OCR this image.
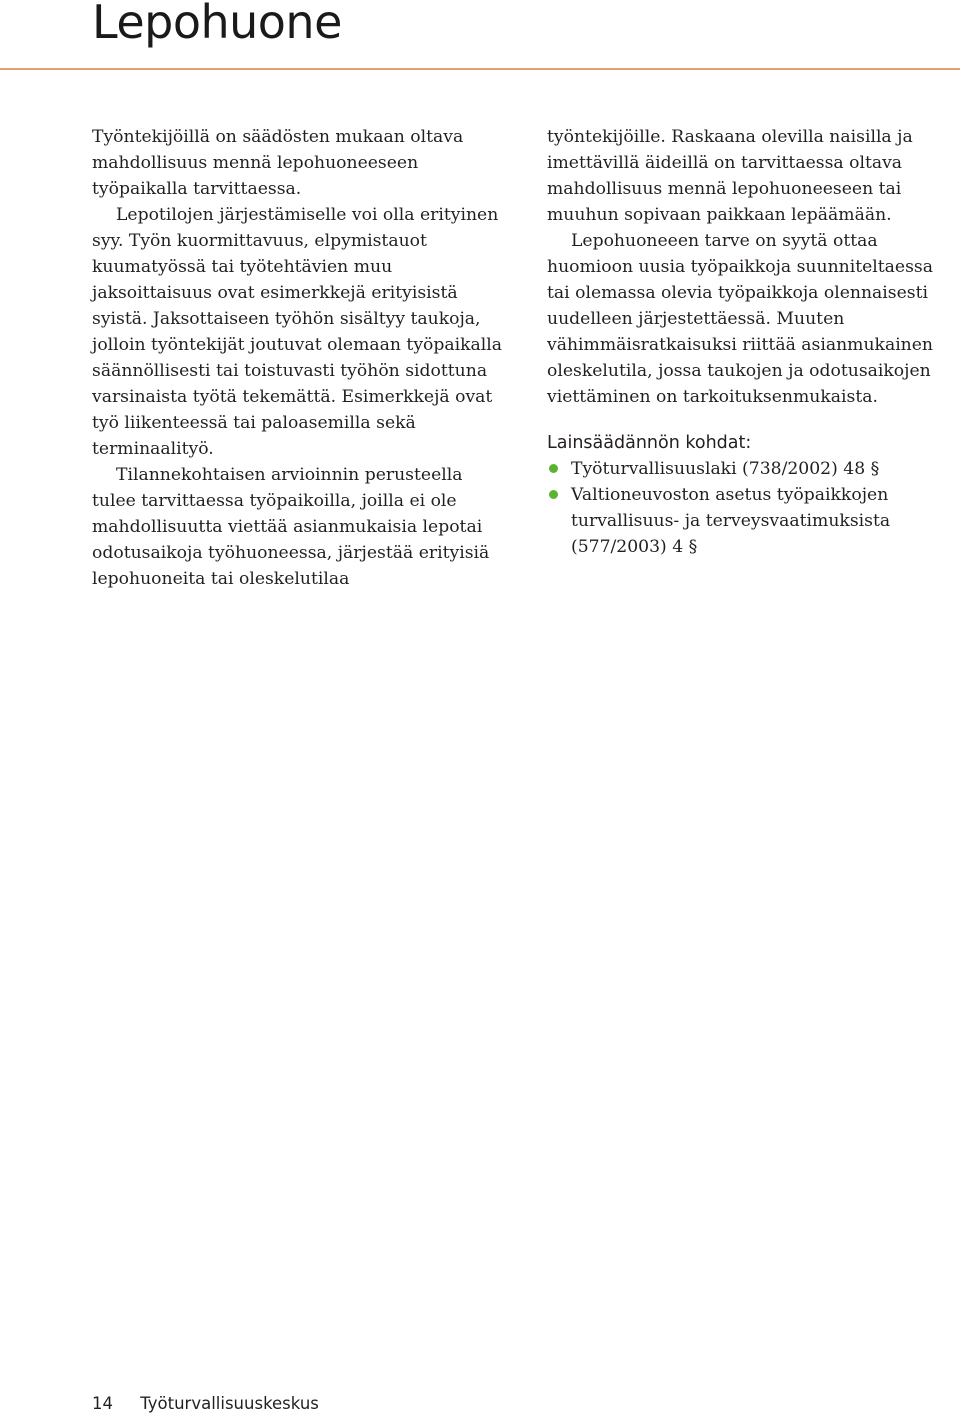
Lepohuone

Työntekijöillä on säädösten mukaan oltava mahdollisuus mennä lepohuoneeseen työpaikalla tarvittaessa.

Lepotilojen järjestämiselle voi olla erityinen syy. Työn kuormittavuus, elpymistauot kuumatyössä tai työtehtävien muu jaksoittaisuus ovat esimerkkejä erityisistä syistä. Jaksottaiseen työhön sisältyy taukoja, jolloin työntekijät joutuvat olemaan työpaikalla säännöllisesti tai toistuvasti työhön sidottuna varsinaista työtä tekemättä. Esimerkkejä ovat työ liikenteessä tai paloasemilla sekä terminaalityö.

Tilannekohtaisen arvioinnin perusteella tulee tarvittaessa työpaikoilla, joilla ei ole mahdollisuutta viettää asianmukaisia lepotai odotusaikoja työhuoneessa, järjestää erityisiä lepohuoneita tai oleskelutilaa

työntekijöille. Raskaana olevilla naisilla ja imettävillä äideillä on tarvittaessa oltava mahdollisuus mennä lepohuoneeseen tai muuhun sopivaan paikkaan lepäämään.

Lepohuoneeen tarve on syytä ottaa huomioon uusia työpaikkoja suunniteltaessa tai olemassa olevia työpaikkoja olennaisesti uudelleen järjestettäessä. Muuten vähimmäisratkaisuksi riittää asianmukainen oleskelutila, jossa taukojen ja odotusaikojen viettäminen on tarkoituksenmukaista.

Lainsäädännön kohdat:

Työturvallisuuslaki (738/2002) 48 §
Valtioneuvoston asetus työpaikkojen turvallisuus- ja terveysvaatimuksista (577/2003) 4 §
14 Työturvallisuuskeskus
